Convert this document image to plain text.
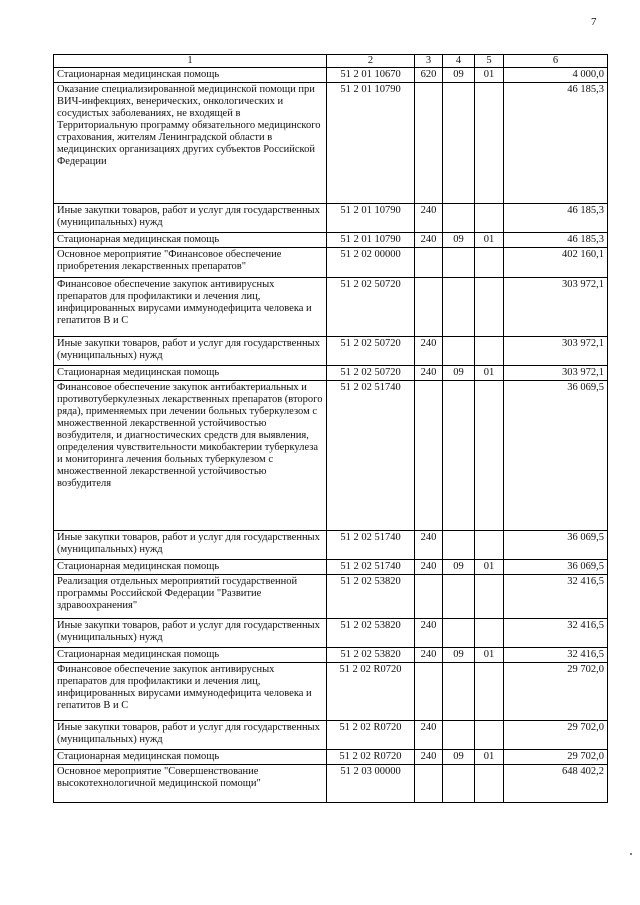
7
1	2	3	4	5	6
Стационарная медицинская помощь	51 2 01 10670	620	09	01	4 000,0
Оказание специализированной медицинской помощи при ВИЧ-инфекциях, венерических, онкологических и сосудистых заболеваниях, не входящей в Территориальную программу обязательного медицинского страхования, жителям Ленинградской области в медицинских организациях других субъектов Российской Федерации	51 2 01 10790				46 185,3
Иные закупки товаров, работ и услуг для государственных (муниципальных) нужд	51 2 01 10790	240			46 185,3
Стационарная медицинская помощь	51 2 01 10790	240	09	01	46 185,3
Основное мероприятие "Финансовое обеспечение приобретения лекарственных препаратов"	51 2 02 00000				402 160,1
Финансовое обеспечение закупок антивирусных препаратов для профилактики и лечения лиц, инфицированных вирусами иммунодефицита человека и гепатитов В и С	51 2 02 50720				303 972,1
Иные закупки товаров, работ и услуг для государственных (муниципальных) нужд	51 2 02 50720	240			303 972,1
Стационарная медицинская помощь	51 2 02 50720	240	09	01	303 972,1
Финансовое обеспечение закупок антибактериальных и противотуберкулезных лекарственных препаратов (второго ряда), применяемых при лечении больных туберкулезом с множественной лекарственной устойчивостью возбудителя, и диагностических средств для выявления, определения чувствительности микобактерии туберкулеза и мониторинга лечения больных туберкулезом с множественной лекарственной устойчивостью возбудителя	51 2 02 51740				36 069,5
Иные закупки товаров, работ и услуг для государственных (муниципальных) нужд	51 2 02 51740	240			36 069,5
Стационарная медицинская помощь	51 2 02 51740	240	09	01	36 069,5
Реализация отдельных мероприятий государственной программы Российской Федерации "Развитие здравоохранения"	51 2 02 53820				32 416,5
Иные закупки товаров, работ и услуг для государственных (муниципальных) нужд	51 2 02 53820	240			32 416,5
Стационарная медицинская помощь	51 2 02 53820	240	09	01	32 416,5
Финансовое обеспечение закупок антивирусных препаратов для профилактики и лечения лиц, инфицированных вирусами иммунодефицита человека и гепатитов В и С	51 2 02 R0720				29 702,0
Иные закупки товаров, работ и услуг для государственных (муниципальных) нужд	51 2 02 R0720	240			29 702,0
Стационарная медицинская помощь	51 2 02 R0720	240	09	01	29 702,0
Основное мероприятие "Совершенствование высокотехнологичной медицинской помощи"	51 2 03 00000				648 402,2
